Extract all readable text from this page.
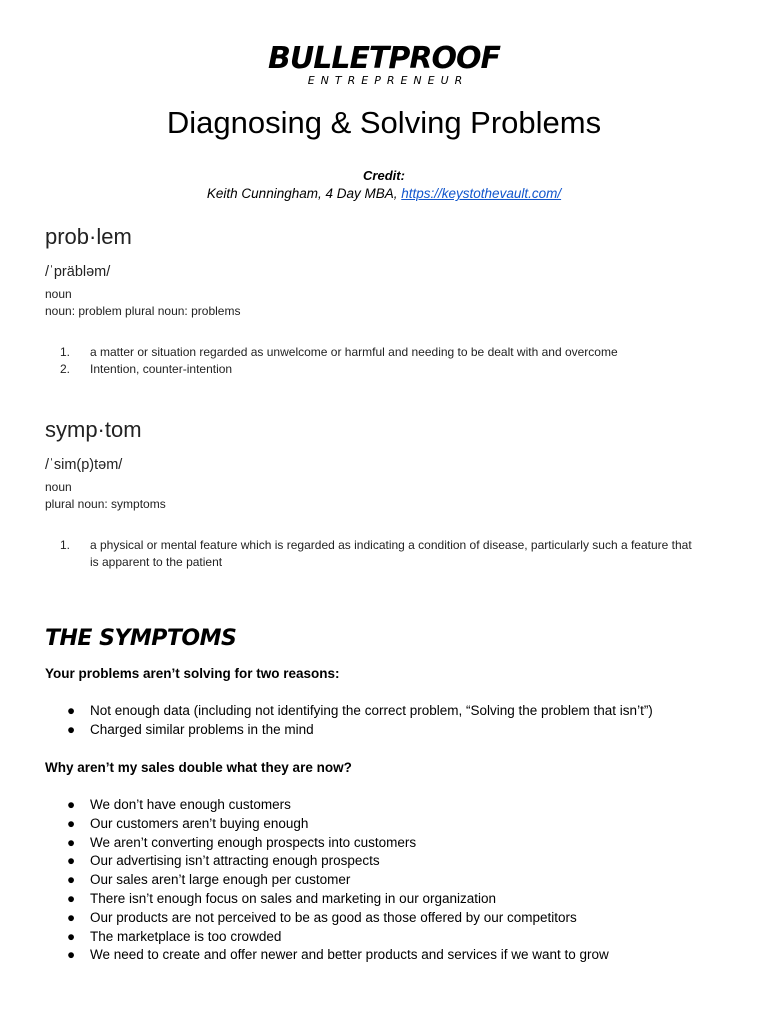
BULLETPROOF
ENTREPRENEUR
Diagnosing & Solving Problems
Credit:
Keith Cunningham, 4 Day MBA, https://keystothevault.com/
prob·lem
/ˈpräbləm/
noun
noun: problem plural noun: problems
1.	a matter or situation regarded as unwelcome or harmful and needing to be dealt with and overcome
2.	Intention, counter-intention
symp·tom
/ˈsim(p)təm/
noun
plural noun: symptoms
1.	a physical or mental feature which is regarded as indicating a condition of disease, particularly such a feature that
is apparent to the patient
THE SYMPTOMS
Your problems aren’t solving for two reasons:
●	Not enough data (including not identifying the correct problem, “Solving the problem that isn’t”)
●	Charged similar problems in the mind
Why aren’t my sales double what they are now?
●	We don’t have enough customers
●	Our customers aren’t buying enough
●	We aren’t converting enough prospects into customers
●	Our advertising isn’t attracting enough prospects
●	Our sales aren’t large enough per customer
●	There isn’t enough focus on sales and marketing in our organization
●	Our products are not perceived to be as good as those offered by our competitors
●	The marketplace is too crowded
●	We need to create and offer newer and better products and services if we want to grow
